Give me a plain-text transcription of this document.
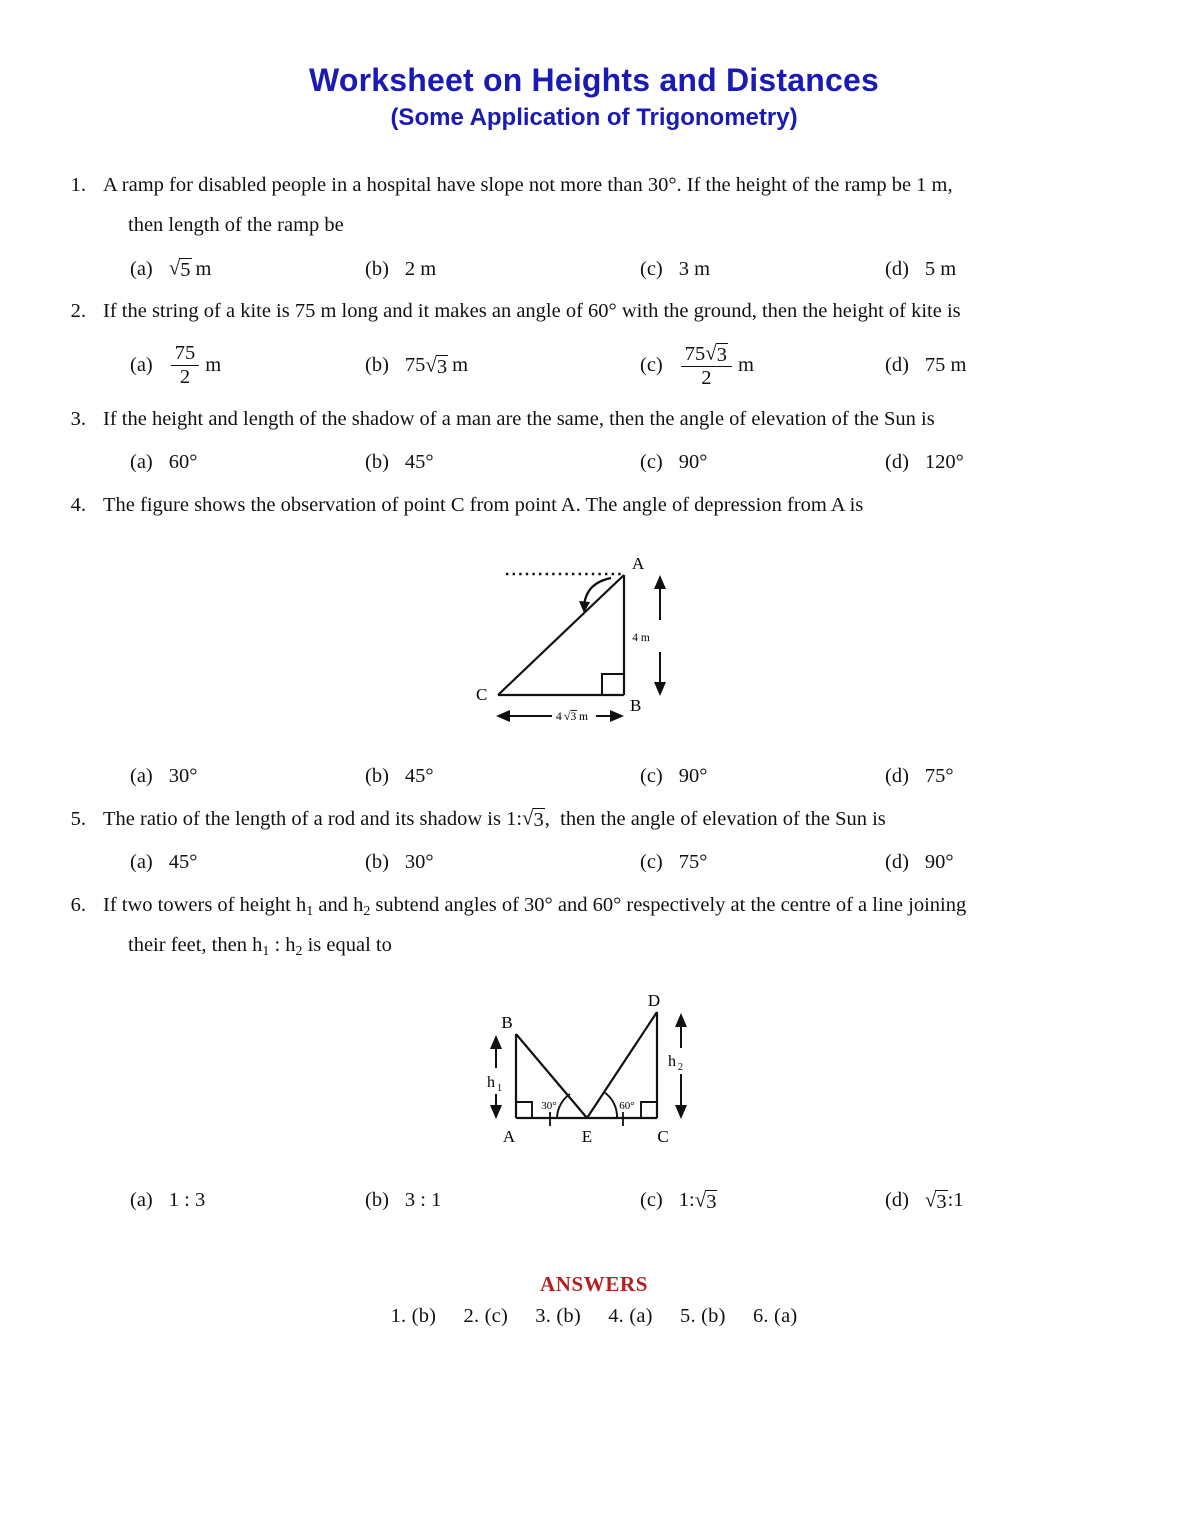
Worksheet on Heights and Distances
(Some Application of Trigonometry)
1. A ramp for disabled people in a hospital have slope not more than 30°. If the height of the ramp be 1 m,
then length of the ramp be
(a) √ 5 m	(b) 2 m	(c) 3 m	(d) 5 m
2. If the string of a kite is 75 m long and it makes an angle of 60° with the ground, then the height of kite is
$(a) \frac{75}{2}$ m	(b) 75 √ 3 m	$(c) \frac{75 √ 3}{2}$ m	(d) 75 m
3. If the height and length of the shadow of a man are the same, then the angle of elevation of the Sun is
(a) 60°	(b) 45°	(c) 90°	(d) 120°
4. The figure shows the observation of point C from point A. The angle of depression from A is
4 m
4 √ 3 m
A
B
C
(a) 30°	(b) 45°	(c) 90°	(d) 75°
5. The ratio of the length of a rod and its shadow is 1: √ 3 ,  then the angle of elevation of the Sun is
(a) 45°	(b) 30°	(c) 75°	(d) 90°
6. If two towers of height $h_1$ and $h_2$ subtend angles of 30° and 60° respectively at the centre of a line joining
their feet, then $h_1$ : $h_2$ is equal to
30°	60°
h 1
h 2
A
B
C
D
E
(a) 1 : 3	(b) 3 : 1	(c) 1: √ 3	(d) √ 3 :1
ANSWERS
1. (b) 2. (c) 3. (b) 4. (a) 5. (b) 6. (a)
